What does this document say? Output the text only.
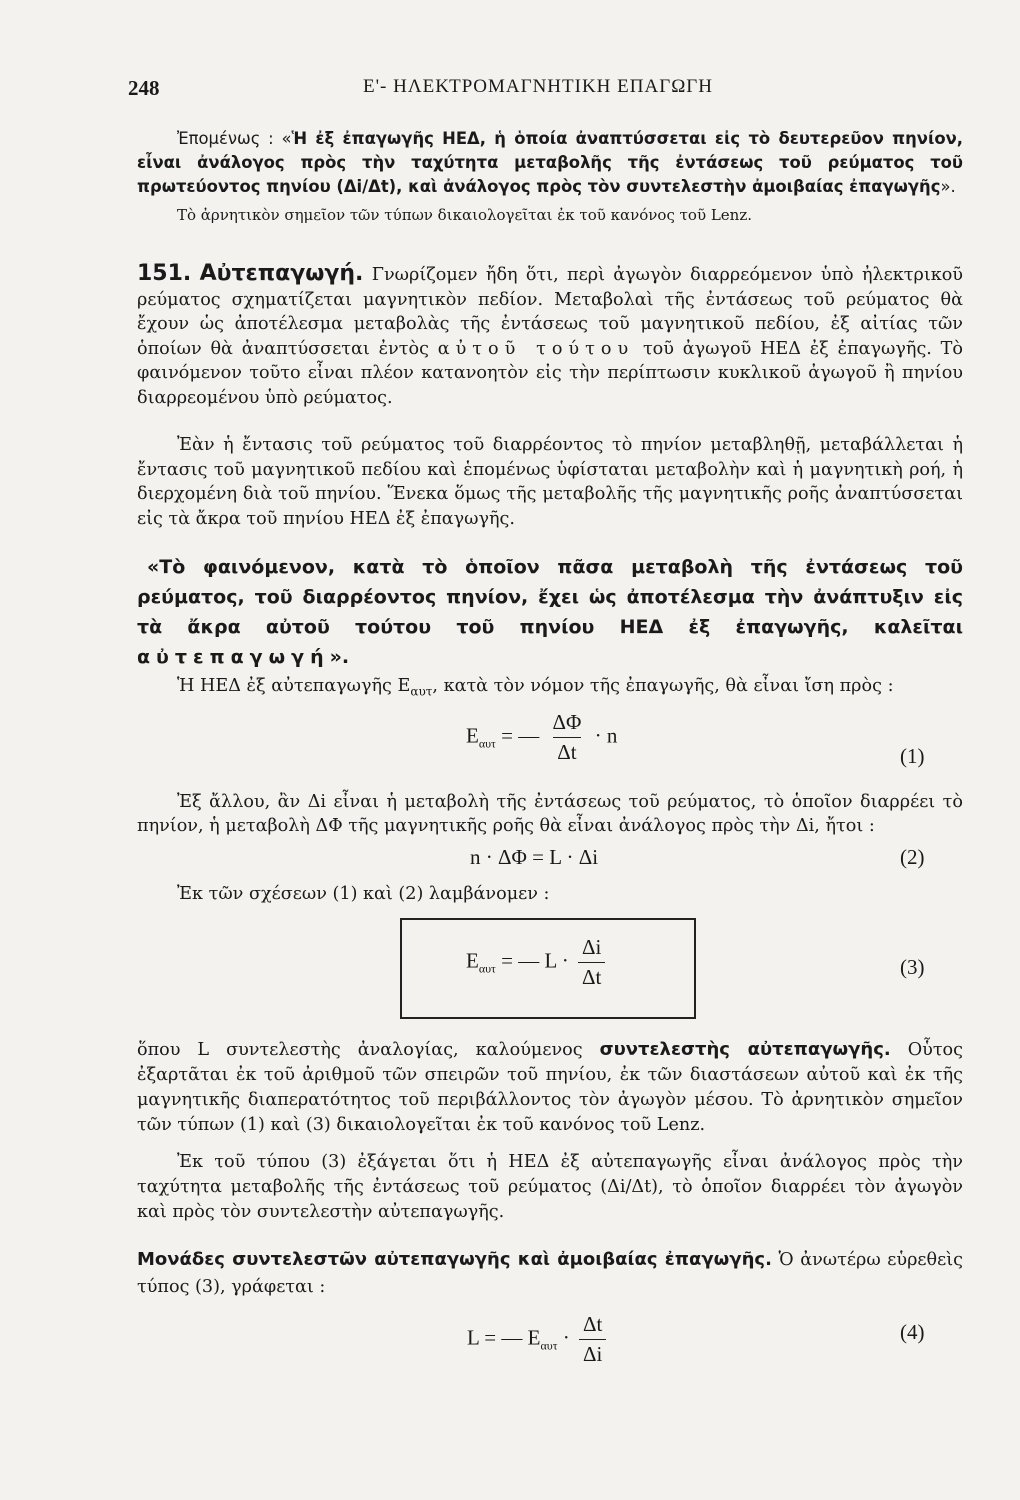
248	Ε'- ΗΛΕΚΤΡΟΜΑΓΝΗΤΙΚΗ ΕΠΑΓΩΓΗ
Ἐπομένως : «Ἡ ἐξ ἐπαγωγῆς ΗΕΔ, ἡ ὁποία ἀναπτύσσεται εἰς τὸ δευτερεῦον πηνίον, εἶναι ἀνάλογος πρὸς τὴν ταχύτητα μεταβολῆς τῆς ἐντάσεως τοῦ ρεύματος τοῦ πρωτεύοντος πηνίου (Δi/Δt), καὶ ἀνάλογος πρὸς τὸν συντελεστὴν ἀμοιβαίας ἐπαγωγῆς».
Τὸ ἀρνητικὸν σημεῖον τῶν τύπων δικαιολογεῖται ἐκ τοῦ κανόνος τοῦ Lenz.
151. Αὐτεπαγωγή. Γνωρίζομεν ἤδη ὅτι, περὶ ἀγωγὸν διαρρεόμενον ὑπὸ ἠλεκτρικοῦ ρεύματος σχηματίζεται μαγνητικὸν πεδίον. Μεταβολαὶ τῆς ἐντάσεως τοῦ ρεύματος θὰ ἔχουν ὡς ἀποτέλεσμα μεταβολὰς τῆς ἐντάσεως τοῦ μαγνητικοῦ πεδίου, ἐξ αἰτίας τῶν ὁποίων θὰ ἀναπτύσσεται ἐντὸς αὐτοῦ τούτου τοῦ ἀγωγοῦ ΗΕΔ ἐξ ἐπαγωγῆς. Τὸ φαινόμενον τοῦτο εἶναι πλέον κατανοητὸν εἰς τὴν περίπτωσιν κυκλικοῦ ἀγωγοῦ ἢ πηνίου διαρρεομένου ὑπὸ ρεύματος.
Ἐὰν ἡ ἔντασις τοῦ ρεύματος τοῦ διαρρέοντος τὸ πηνίον μεταβληθῇ, μεταβάλλεται ἡ ἔντασις τοῦ μαγνητικοῦ πεδίου καὶ ἑπομένως ὑφίσταται μεταβολὴν καὶ ἡ μαγνητικὴ ροή, ἡ διερχομένη διὰ τοῦ πηνίου. Ἕνεκα ὅμως τῆς μεταβολῆς τῆς μαγνητικῆς ροῆς ἀναπτύσσεται εἰς τὰ ἄκρα τοῦ πηνίου ΗΕΔ ἐξ ἐπαγωγῆς.
«Τὸ φαινόμενον, κατὰ τὸ ὁποῖον πᾶσα μεταβολὴ τῆς ἐντάσεως τοῦ ρεύματος, τοῦ διαρρέοντος πηνίον, ἔχει ὡς ἀποτέλεσμα τὴν ἀνάπτυξιν εἰς τὰ ἄκρα αὐτοῦ τούτου τοῦ πηνίου ΗΕΔ ἐξ ἐπαγωγῆς, καλεῖται αὐτεπαγωγή».
Ἡ ΗΕΔ ἐξ αὐτεπαγωγῆς $E_{\alpha\upsilon\tau}$, κατὰ τὸν νόμον τῆς ἐπαγωγῆς, θὰ εἶναι ἴση πρὸς :
$E_{\alpha\upsilon\tau}$ = — $\frac{\Delta\Phi}{\Delta t} \cdot n$
(1)
Ἐξ ἄλλου, ἂν Δi εἶναι ἡ μεταβολὴ τῆς ἐντάσεως τοῦ ρεύματος, τὸ ὁποῖον διαρρέει τὸ πηνίον, ἡ μεταβολὴ ΔΦ τῆς μαγνητικῆς ροῆς θὰ εἶναι ἀνάλογος πρὸς τὴν Δi, ἤτοι :
n · ΔΦ = L · Δi	(2)
Ἐκ τῶν σχέσεων (1) καὶ (2) λαμβάνομεν :
$E_{\alpha\upsilon\tau}$ = — $L \cdot \frac{\Delta i}{\Delta t}$	(3)
ὅπου L συντελεστὴς ἀναλογίας, καλούμενος συντελεστὴς αὐτεπαγωγῆς. Οὗτος ἐξαρτᾶται ἐκ τοῦ ἀριθμοῦ τῶν σπειρῶν τοῦ πηνίου, ἐκ τῶν διαστάσεων αὐτοῦ καὶ ἐκ τῆς μαγνητικῆς διαπερατότητος τοῦ περιβάλλοντος τὸν ἀγωγὸν μέσου. Τὸ ἀρνητικὸν σημεῖον τῶν τύπων (1) καὶ (3) δικαιολογεῖται ἐκ τοῦ κανόνος τοῦ Lenz.
Ἐκ τοῦ τύπου (3) ἐξάγεται ὅτι ἡ ΗΕΔ ἐξ αὐτεπαγωγῆς εἶναι ἀνάλογος πρὸς τὴν ταχύτητα μεταβολῆς τῆς ἐντάσεως τοῦ ρεύματος (Δi/Δt), τὸ ὁποῖον διαρρέει τὸν ἀγωγὸν καὶ πρὸς τὸν συντελεστὴν αὐτεπαγωγῆς.
Μονάδες συντελεστῶν αὐτεπαγωγῆς καὶ ἀμοιβαίας ἐπαγωγῆς. Ὁ ἀνωτέρω εὑρεθεὶς τύπος (3), γράφεται :
L = — $E_{\alpha\upsilon\tau} \cdot \frac{\Delta t}{\Delta i}$	(4)
